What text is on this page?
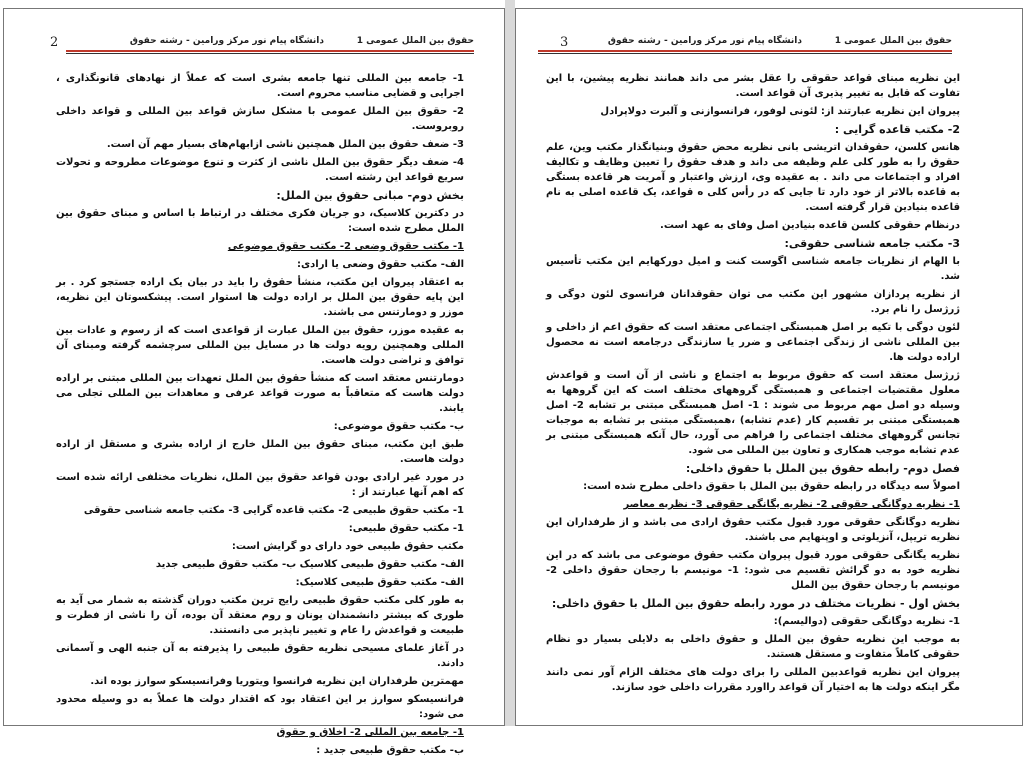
2	حقوق بین الملل عمومی 1
دانشگاه پیام نور مرکز ورامین - رشته حقوق

1- جامعه بین المللی تنها جامعه بشری است که عملاً از نهادهای قانونگذاری ، اجرایی و قضایی مناسب محروم است.

2- حقوق بین الملل عمومی با مشکل سازش قواعد بین المللی و قواعد داخلی روبروست.

3- ضعف حقوق بین الملل همچنین ناشی ازابهام‌های بسیار مهم آن است.

4- ضعف دیگر حقوق بین الملل ناشی از کثرت و تنوع موضوعات مطروحه و تحولات سریع قواعد این رشته است.

بخش دوم- مبانی حقوق بین الملل:

در دکترین کلاسیک، دو جریان فکری مختلف در ارتباط با اساس و مبنای حقوق بین الملل مطرح شده است:

1- مکتب حقوق وضعی 2- مکتب حقوق موضوعی

الف- مکتب حقوق وضعی یا ارادی:

به اعتقاد پیروان این مکتب، منشأ حقوق را باید در بیان یک اراده جستجو کرد . بر این پایه حقوق بین الملل بر اراده دولت ها استوار است. پیشکسوتان این نظریه، موزر و دومارتنس می باشند.

به عقیده موزر، حقوق بین الملل عبارت از قواعدی است که از رسوم و عادات بین المللی وهمچنین رویه دولت ها در مسایل بین المللی سرچشمه گرفته ومبنای آن توافق و تراضی دولت هاست.

دومارتنس معتقد است که منشأ حقوق بین الملل تعهدات بین المللی مبتنی بر اراده دولت هاست که متعاقباً به صورت قواعد عرفی و معاهدات بین المللی تجلی می یابند.

ب- مکتب حقوق موضوعی:

طبق این مکتب، مبنای حقوق بین الملل خارج از اراده بشری و مستقل از اراده دولت هاست.

در مورد غیر ارادی بودن قواعد حقوق بین الملل، نظریات مختلفی ارائه شده است که اهم آنها عبارتند از :

1- مکتب حقوق طبیعی 2- مکتب قاعده گرایی 3- مکتب جامعه شناسی حقوقی

1- مکتب حقوق طبیعی:

مکتب حقوق طبیعی خود دارای دو گرایش است:

الف- مکتب حقوق طبیعی کلاسیک ب- مکتب حقوق طبیعی جدید

الف- مکتب حقوق طبیعی کلاسیک:

به طور کلی مکتب حقوق طبیعی رایج ترین مکتب دوران گذشته به شمار می آید به طوری که بیشتر دانشمندان یونان و روم معتقد آن بوده، آن را ناشی از فطرت و طبیعت و قواعدش را عام و تغییر ناپذیر می دانستند.

در آغاز علمای مسیحی نظریه حقوق طبیعی را پذیرفته به آن جنبه الهی و آسمانی دادند.

مهمترین طرفداران این نظریه فرانسوا ویتوریا وفرانسیسکو سوارز بوده اند.

فرانسیسکو سوارز بر این اعتقاد بود که اقتدار دولت ها عملاً به دو وسیله محدود می شود:

1- جامعه بین المللی 2- اخلاق و حقوق

ب- مکتب حقوق طبیعی جدید :

3	حقوق بین الملل عمومی 1
دانشگاه پیام نور مرکز ورامین - رشته حقوق

این نظریه مبنای قواعد حقوقی را عقل بشر می داند همانند نظریه پیشین، با این تفاوت که قابل به تغییر پذیری آن قواعد است.

پیروان این نظریه عبارتند از: لئونی لوفور، فرانسوازنی و آلبرت دولاپرادل

2- مکتب قاعده گرایی :

هانس کلسن، حقوقدان اتریشی بانی نظریه محض حقوق وبنیانگذار مکتب وین، علم حقوق را به طور کلی علم وظیفه می داند و هدف حقوق را تعیین وظایف و تکالیف افراد و اجتماعات می داند . به عقیده وی، ارزش واعتبار و آمریت هر قاعده بستگی به قاعده بالاتر از خود دارد تا جایی که در رأس کلی ه قواعد، یک قاعده اصلی به نام قاعده بنیادین قرار گرفته است.

درنظام حقوقی کلسن قاعده بنیادین اصل وفای به عهد است.

3- مکتب جامعه شناسی حقوقی:

با الهام از نظریات جامعه شناسی اگوست کنت و امیل دورکهایم این مکتب تأسیس شد.

از نظریه پردازان مشهور این مکتب می توان حقوقدانان فرانسوی لئون دوگی و ژرژسل را نام برد.

لئون دوگی با تکیه بر اصل همبستگی اجتماعی معتقد است که حقوق اعم از داخلی و بین المللی ناشی از زندگی اجتماعی و ضرر یا سازندگی درجامعه است نه محصول اراده دولت ها.

ژرژسل معتقد است که حقوق مربوط به اجتماع و ناشی از آن است و قواعدش معلول مقتضیات اجتماعی و همبستگی گروههای مختلف است که این گروهها به وسیله دو اصل مهم مربوط می شوند : 1- اصل همبستگی مبتنی بر تشابه 2- اصل همبستگی مبتنی بر تقسیم کار (عدم تشابه) ،همبستگی مبتنی بر تشابه به موجبات تجانس گروههای مختلف اجتماعی را فراهم می آورد، حال آنکه همبستگی مبتنی بر عدم تشابه موجب همکاری و تعاون بین المللی می شود.

فصل دوم- رابطه حقوق بین الملل با حقوق داخلی:

اصولاً سه دیدگاه در رابطه حقوق بین الملل با حقوق داخلی مطرح شده است:

1- نظریه دوگانگی حقوقی 2- نظریه یگانگی حقوقی 3- نظریه معاصر

نظریه دوگانگی حقوقی مورد قبول مکتب حقوق ارادی می باشد و از طرفداران این نظریه تریپل، آنزیلوتی و اوپنهایم می باشند.

نظریه یگانگی حقوقی مورد قبول پیروان مکتب حقوق موضوعی می باشد که در این نظریه خود به دو گرائش تقسیم می شود: 1- مونیسم با رجحان حقوق داخلی 2- مونیسم با رجحان حقوق بین الملل

بخش اول - نظریات مختلف در مورد رابطه حقوق بین الملل با حقوق داخلی:

1- نظریه دوگانگی حقوقی (دوالیسم):

به موجب این نظریه حقوق بین الملل و حقوق داخلی به دلایلی بسیار دو نظام حقوقی کاملاً متفاوت و مستقل هستند.

پیروان این نظریه قواعدبین المللی را برای دولت های مختلف الزام آور نمی دانند مگر اینکه دولت ها به اختیار آن قواعد رااورد مقررات داخلی خود سازند.
